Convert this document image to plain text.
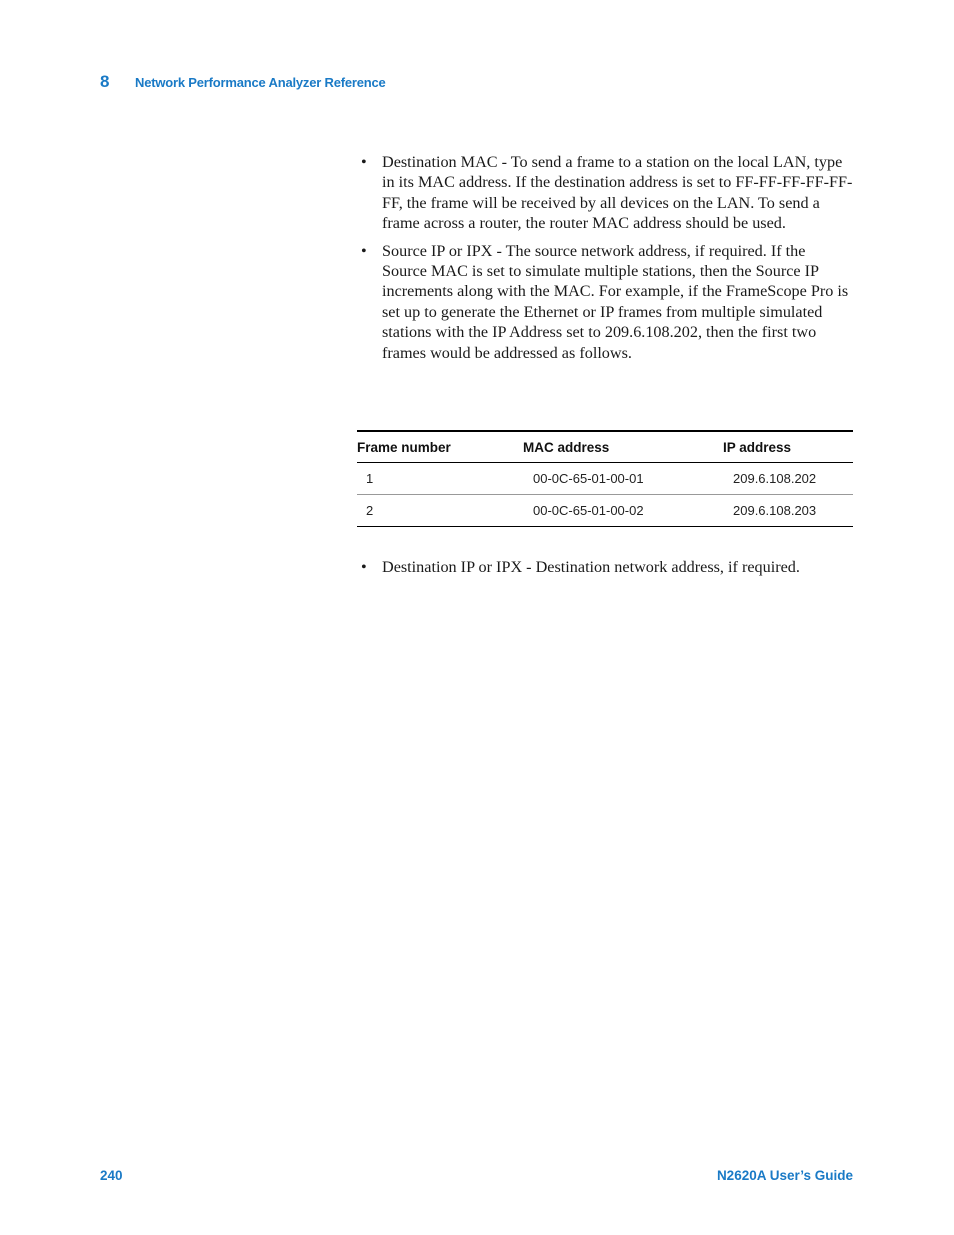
8	Network Performance Analyzer Reference
• Destination MAC - To send a frame to a station on the local LAN, type in its MAC address. If the destination address is set to FF-FF-FF-FF-FF-FF, the frame will be received by all devices on the LAN. To send a frame across a router, the router MAC address should be used.
• Source IP or IPX - The source network address, if required. If the Source MAC is set to simulate multiple stations, then the Source IP increments along with the MAC. For example, if the FrameScope Pro is set up to generate the Ethernet or IP frames from multiple simulated stations with the IP Address set to 209.6.108.202, then the first two frames would be addressed as follows.
Frame number	MAC address	IP address
1	00-0C-65-01-00-01	209.6.108.202
2	00-0C-65-01-00-02	209.6.108.203
• Destination IP or IPX - Destination network address, if required.
240	N2620A User’s Guide
